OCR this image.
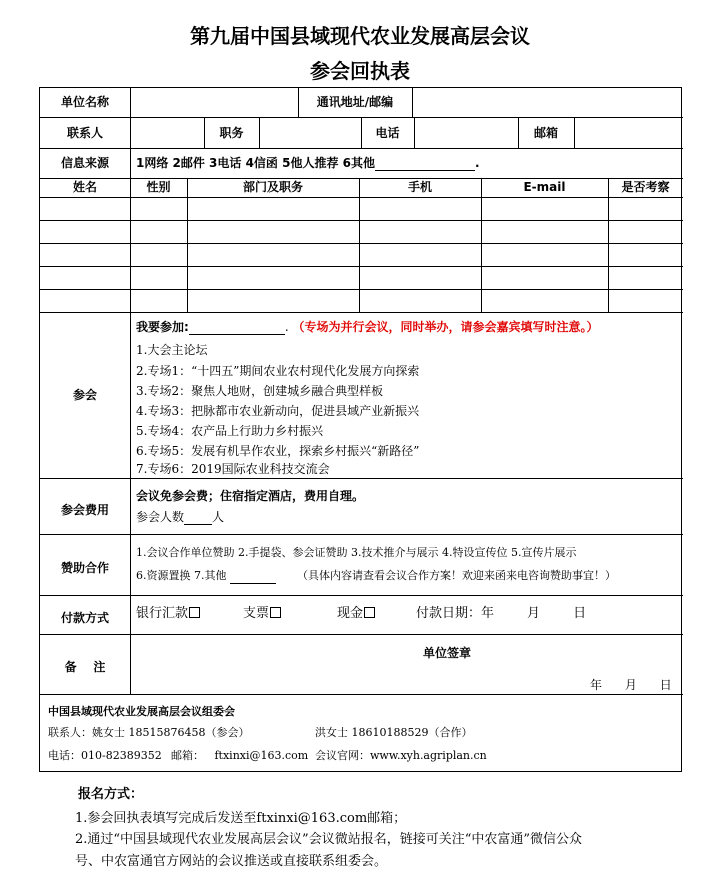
第九届中国县域现代农业发展高层会议
参会回执表
单位名称	通讯地址/邮编
联系人	职务	电话	邮箱
信息来源	1网络 2邮件 3电话 4信函 5他人推荐 6其他	.
姓名	性别	部门及职务	手机	E-mail	是否考察
参会
我要参加:	. （专场为并行会议，同时举办，请参会嘉宾填写时注意。）
1.大会主论坛
2.专场1：“十四五”期间农业农村现代化发展方向探索
3.专场2：聚焦人地财，创建城乡融合典型样板
4.专场3：把脉都市农业新动向，促进县域产业新振兴
5.专场4：农产品上行助力乡村振兴
6.专场5：发展有机旱作农业，探索乡村振兴“新路径”
7.专场6：2019国际农业科技交流会
参会费用
会议免参会费；住宿指定酒店，费用自理。
参会人数 人
赞助合作
1.会议合作单位赞助 2.手提袋、参会证赞助 3.技术推介与展示 4.特设宣传位 5.宣传片展示
6.资源置换 7.其他	（具体内容请查看会议合作方案！欢迎来函来电咨询赞助事宜！）
付款方式	银行汇款	支票	现金	付款日期：年        月        日
备    注
单位签章
年      月      日
中国县域现代农业发展高层会议组委会
联系人：姚女士 18515876458（参会）	洪女士 18610188529（合作）
电话：010-82389352 邮箱：   ftxinxi@163.com 会议官网：www.xyh.agriplan.cn
报名方式：
1.参会回执表填写完成后发送至ftxinxi@163.com邮箱；
2.通过“中国县域现代农业发展高层会议”会议微站报名，链接可关注“中农富通”微信公众
号、中农富通官方网站的会议推送或直接联系组委会。
